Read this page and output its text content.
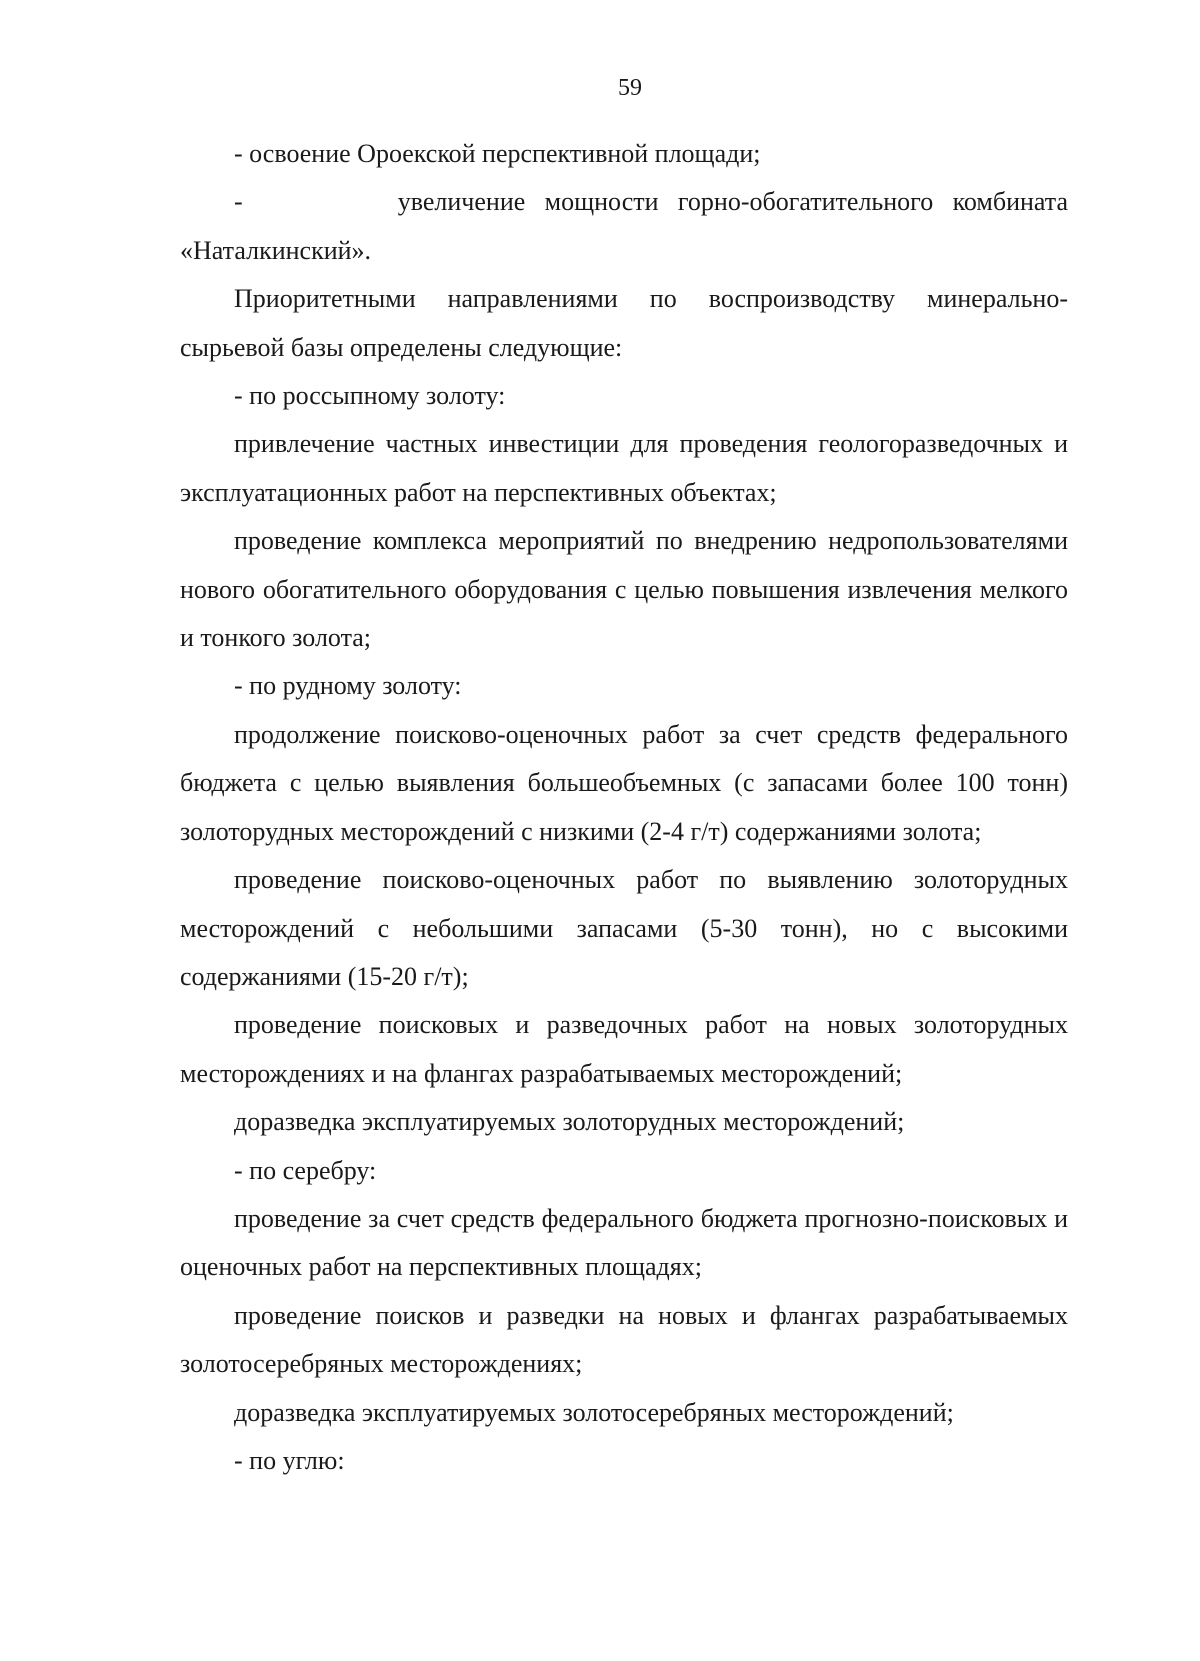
59

- освоение Ороекской перспективной площади;

-        увеличение мощности горно-обогатительного комбината «Наталкинский».

Приоритетными направлениями по воспроизводству минерально-сырьевой базы определены следующие:

- по россыпному золоту:

привлечение частных инвестиции для проведения геологоразведочных и эксплуатационных работ на перспективных объектах;

проведение комплекса мероприятий по внедрению недропользователями нового обогатительного оборудования с целью повышения извлечения мелкого и тонкого золота;

- по рудному золоту:

продолжение поисково-оценочных работ за счет средств федерального бюджета с целью выявления большеобъемных (с запасами более 100 тонн) золоторудных месторождений с низкими (2-4 г/т) содержаниями золота;

проведение поисково-оценочных работ по выявлению золоторудных месторождений с небольшими запасами (5-30 тонн), но с высокими содержаниями (15-20 г/т);

проведение поисковых и разведочных работ на новых золоторудных месторождениях и на флангах разрабатываемых месторождений;

доразведка эксплуатируемых золоторудных месторождений;

- по серебру:

проведение за счет средств федерального бюджета прогнозно-поисковых и оценочных работ на перспективных площадях;

проведение поисков и разведки на новых и флангах разрабатываемых золотосеребряных месторождениях;

доразведка эксплуатируемых золотосеребряных месторождений;

- по углю:
